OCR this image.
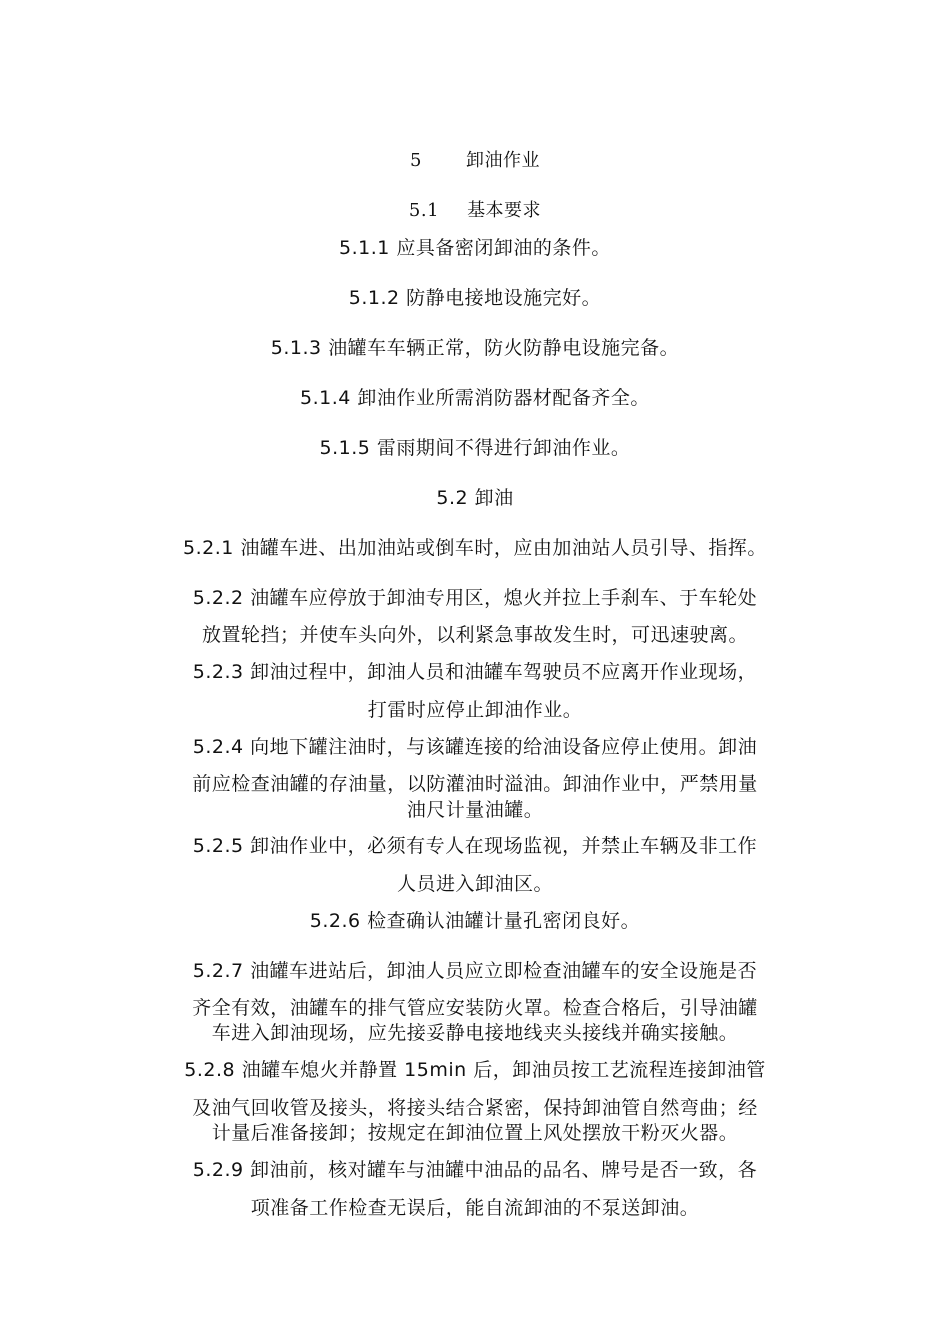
5 卸油作业
5.1 基本要求
5.1.1 应具备密闭卸油的条件。
5.1.2 防静电接地设施完好。
5.1.3 油罐车车辆正常，防火防静电设施完备。
5.1.4 卸油作业所需消防器材配备齐全。
5.1.5 雷雨期间不得进行卸油作业。
5.2 卸油
5.2.1 油罐车进、出加油站或倒车时，应由加油站人员引导、指挥。
5.2.2 油罐车应停放于卸油专用区，熄火并拉上手刹车、于车轮处
放置轮挡；并使车头向外，以利紧急事故发生时，可迅速驶离。
5.2.3 卸油过程中，卸油人员和油罐车驾驶员不应离开作业现场，
打雷时应停止卸油作业。
5.2.4 向地下罐注油时，与该罐连接的给油设备应停止使用。卸油
前应检查油罐的存油量，以防灌油时溢油。卸油作业中，严禁用量
油尺计量油罐。
5.2.5 卸油作业中，必须有专人在现场监视，并禁止车辆及非工作
人员进入卸油区。
5.2.6 检查确认油罐计量孔密闭良好。
5.2.7 油罐车进站后，卸油人员应立即检查油罐车的安全设施是否
齐全有效，油罐车的排气管应安装防火罩。检查合格后，引导油罐
车进入卸油现场，应先接妥静电接地线夹头接线并确实接触。
5.2.8 油罐车熄火并静置 15min 后，卸油员按工艺流程连接卸油管
及油气回收管及接头，将接头结合紧密，保持卸油管自然弯曲；经
计量后准备接卸；按规定在卸油位置上风处摆放干粉灭火器。
5.2.9 卸油前，核对罐车与油罐中油品的品名、牌号是否一致，各
项准备工作检查无误后，能自流卸油的不泵送卸油。
